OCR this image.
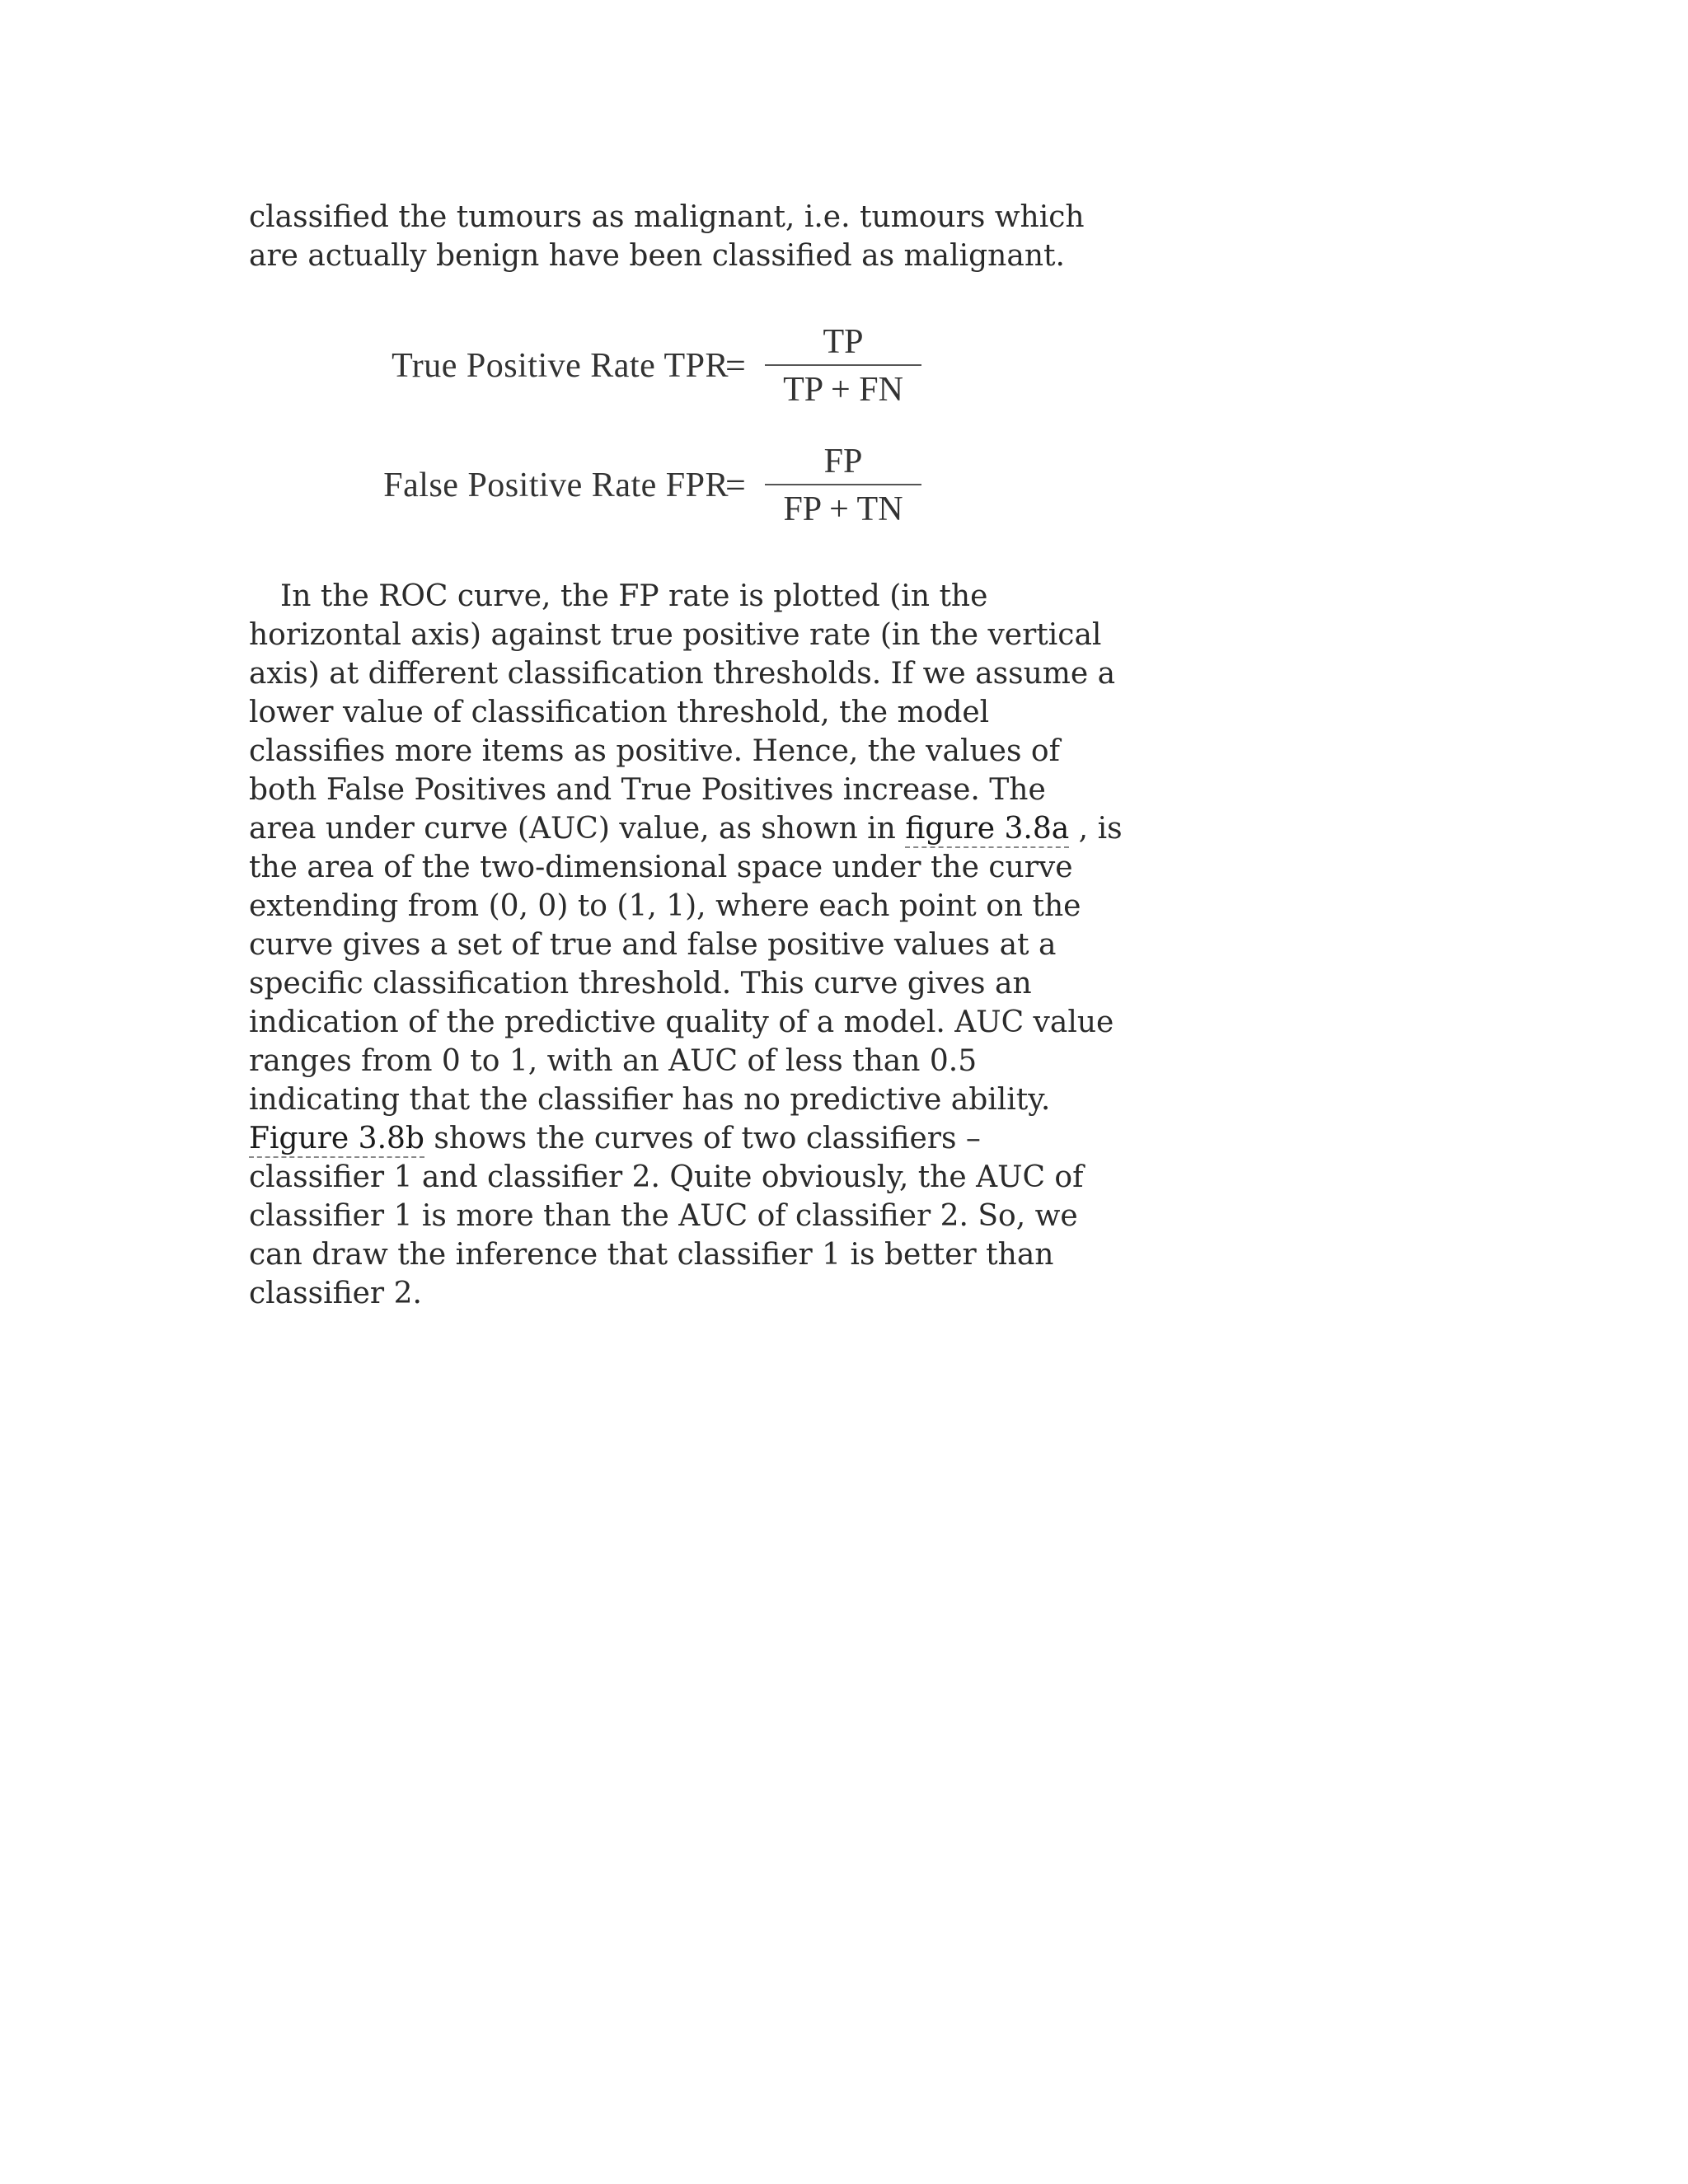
classified the tumours as malignant, i.e. tumours which
are actually benign have been classified as malignant.
True Positive Rate TPR
=
TP
TP + FN
False Positive Rate FPR
=
FP
FP + TN
In the ROC curve, the FP rate is plotted (in the
horizontal axis) against true positive rate (in the vertical
axis) at different classification thresholds. If we assume a
lower value of classification threshold, the model
classifies more items as positive. Hence, the values of
both False Positives and True Positives increase. The
area under curve (AUC) value, as shown in figure 3.8a , is
the area of the two-dimensional space under the curve
extending from (0, 0) to (1, 1), where each point on the
curve gives a set of true and false positive values at a
specific classification threshold. This curve gives an
indication of the predictive quality of a model. AUC value
ranges from 0 to 1, with an AUC of less than 0.5
indicating that the classifier has no predictive ability.
Figure 3.8b shows the curves of two classifiers –
classifier 1 and classifier 2. Quite obviously, the AUC of
classifier 1 is more than the AUC of classifier 2. So, we
can draw the inference that classifier 1 is better than
classifier 2.
